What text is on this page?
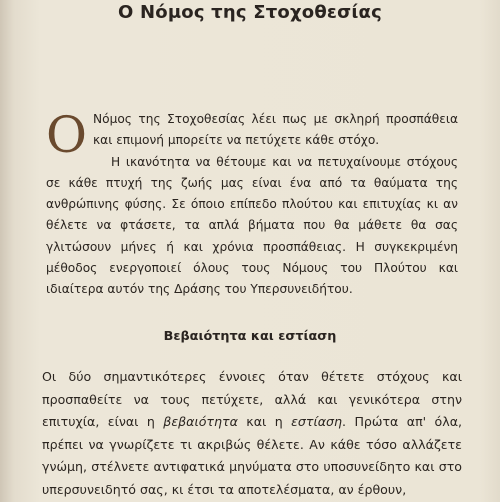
Ο Νόμος της Στοχοθεσίας
Ο Νόμος της Στοχοθεσίας λέει πως με σκληρή προσπάθεια και επιμονή μπορείτε να πετύχετε κάθε στόχο.
Η ικανότητα να θέτουμε και να πετυχαίνουμε στόχους σε κάθε πτυχή της ζωής μας είναι ένα από τα θαύματα της ανθρώπινης φύσης. Σε όποιο επίπεδο πλούτου και επιτυχίας κι αν θέλετε να φτάσετε, τα απλά βήματα που θα μάθετε θα σας γλιτώσουν μήνες ή και χρόνια προσπάθειας. Η συγκεκριμένη μέθοδος ενεργοποιεί όλους τους Νόμους του Πλούτου και ιδιαίτερα αυτόν της Δράσης του Υπερσυνειδήτου.
Βεβαιότητα και εστίαση
Οι δύο σημαντικότερες έννοιες όταν θέτετε στόχους και προσπαθείτε να τους πετύχετε, αλλά και γενικότερα στην επιτυχία, είναι η βεβαιότητα και η εστίαση. Πρώτα απ' όλα, πρέπει να γνωρίζετε τι ακριβώς θέλετε. Αν κάθε τόσο αλλάζετε γνώμη, στέλνετε αντιφατικά μηνύματα στο υποσυνείδητο και στο υπερσυνειδητό σας, κι έτσι τα αποτελέσματα, αν έρθουν,
